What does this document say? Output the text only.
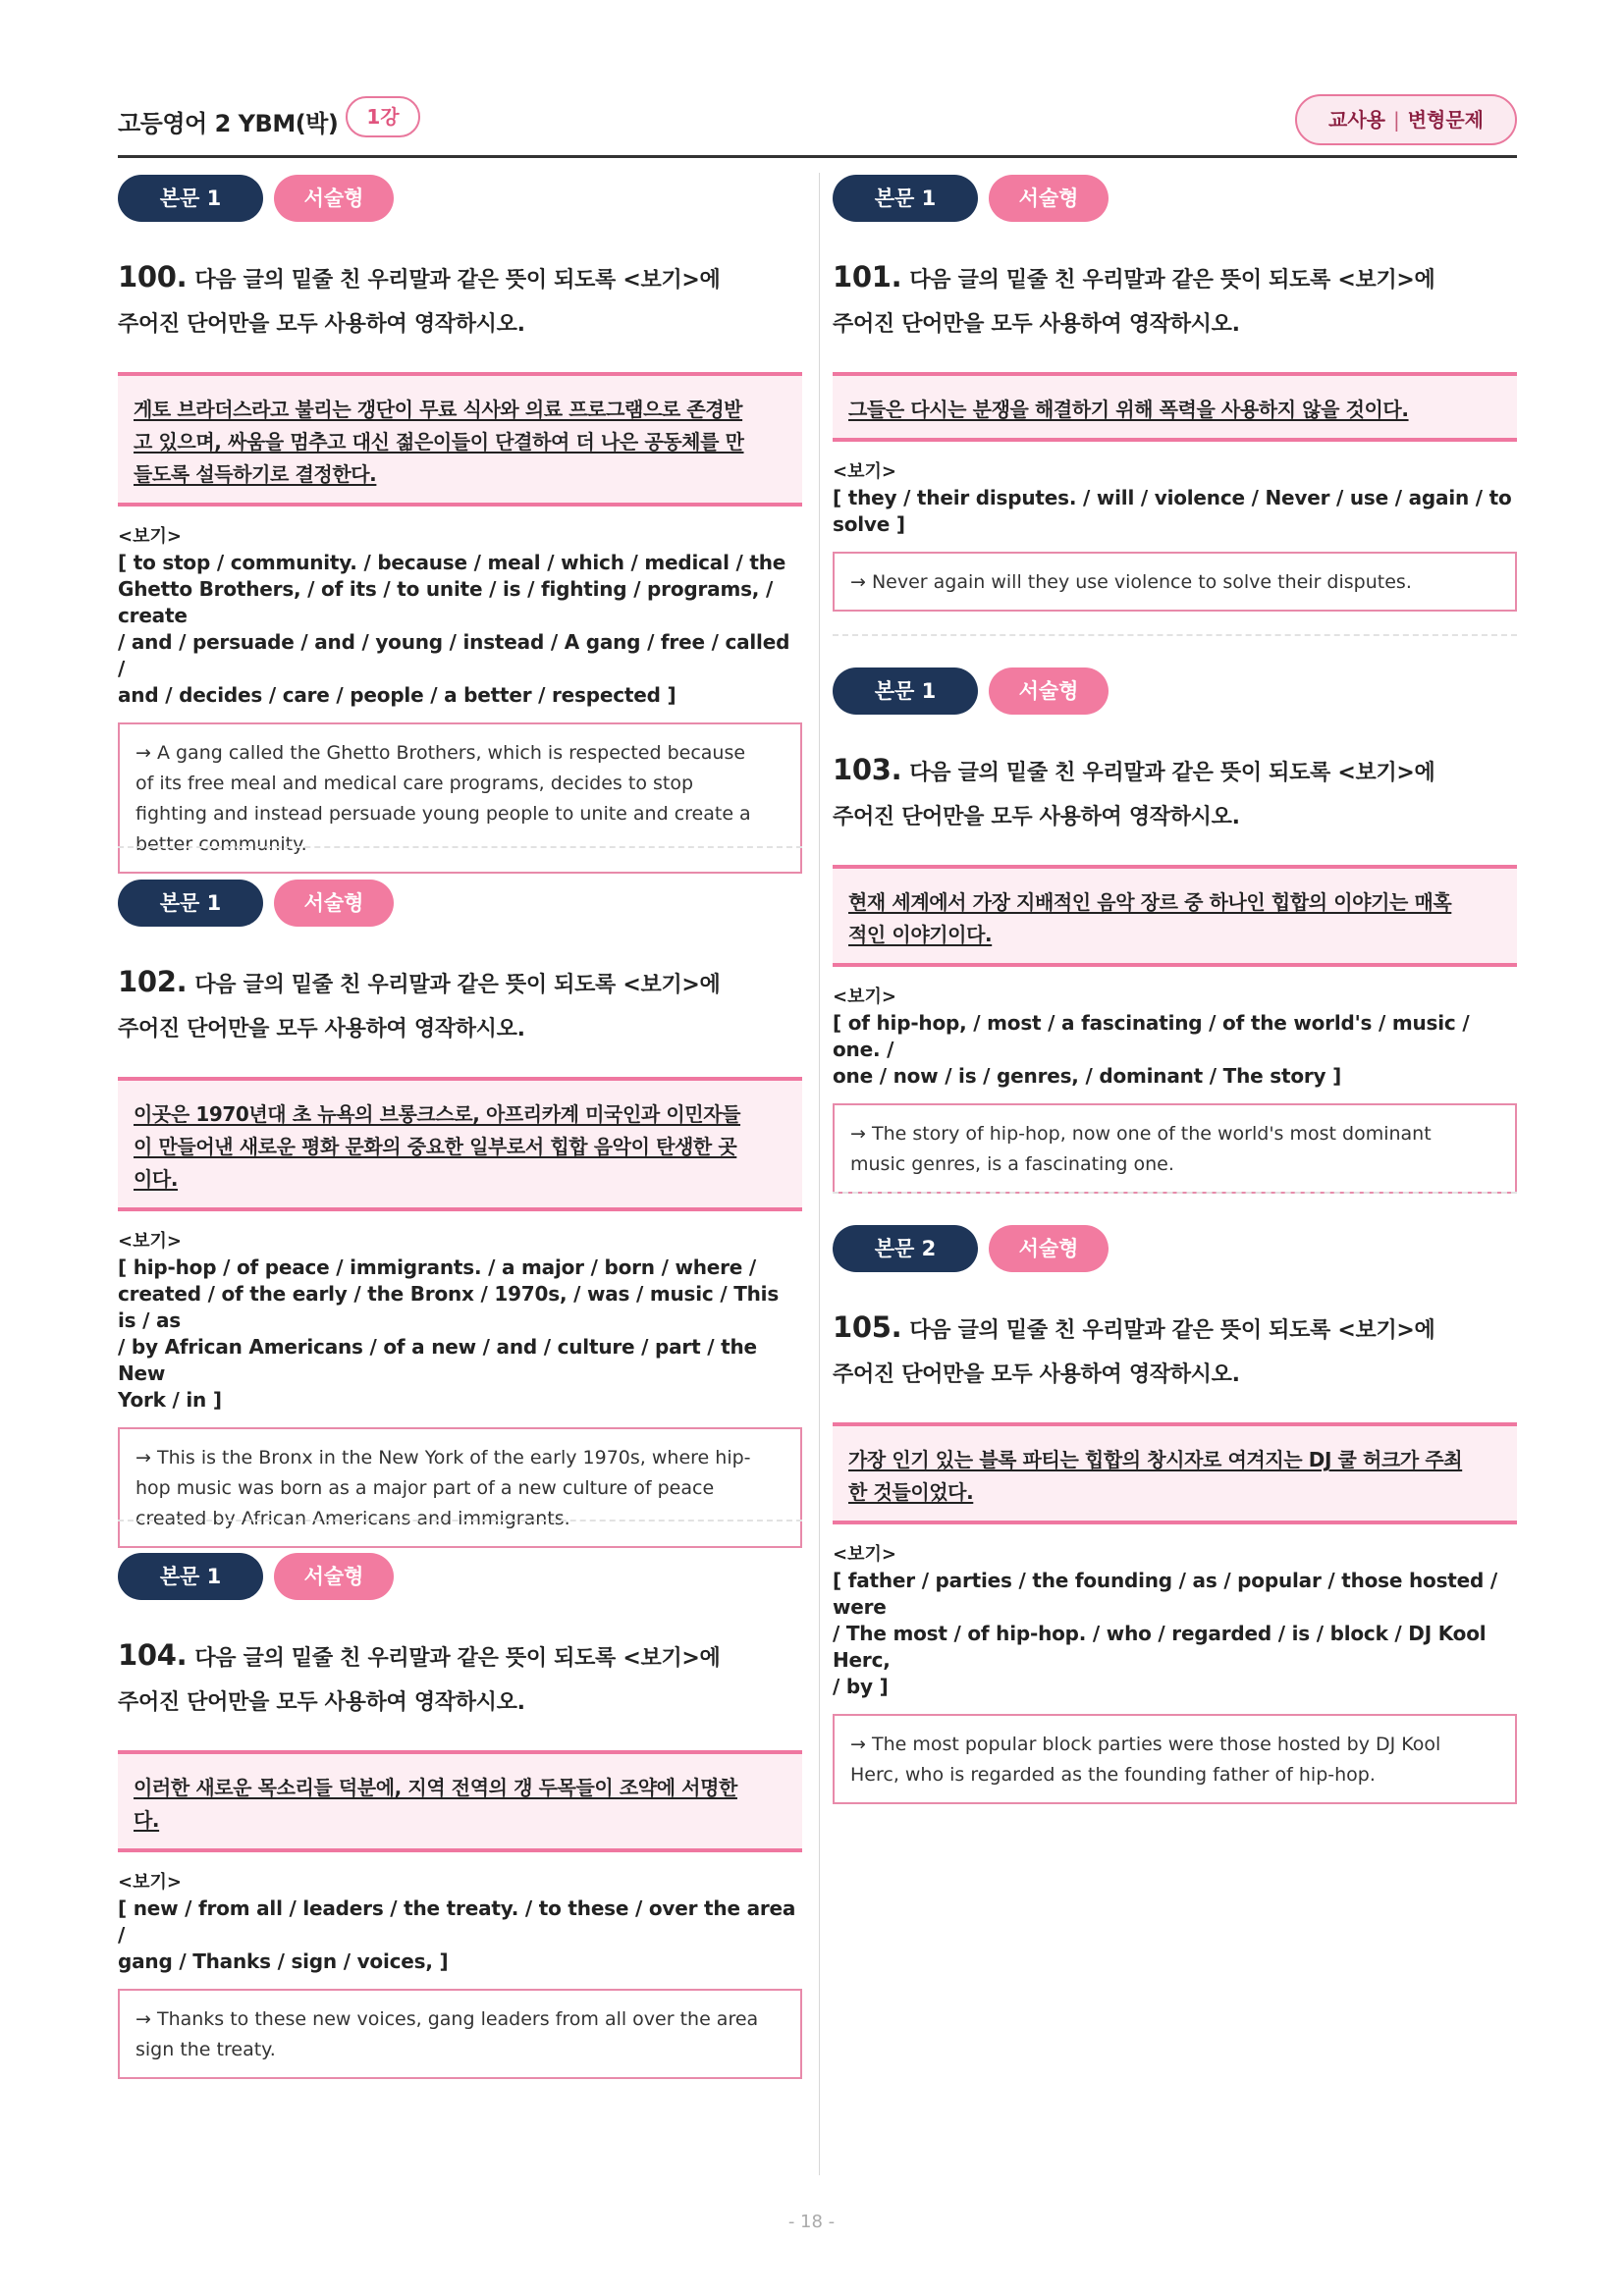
고등영어 2 YBM(박)	1강	교사용 | 변형문제
본문 1	서술형
100. 다음 글의 밑줄 친 우리말과 같은 뜻이 되도록 <보기>에
주어진 단어만을 모두 사용하여 영작하시오.
게토 브라더스라고 불리는 갱단이 무료 식사와 의료 프로그램으로 존경받
고 있으며, 싸움을 멈추고 대신 젊은이들이 단결하여 더 나은 공동체를 만
들도록 설득하기로 결정한다.
<보기>
[ to stop / community. / because / meal / which / medical / the
Ghetto Brothers, / of its / to unite / is / fighting / programs, / create
/ and / persuade / and / young / instead / A gang / free / called /
and / decides / care / people / a better / respected ]
→ A gang called the Ghetto Brothers, which is respected because
of its free meal and medical care programs, decides to stop
fighting and instead persuade young people to unite and create a
better community.
본문 1	서술형
102. 다음 글의 밑줄 친 우리말과 같은 뜻이 되도록 <보기>에
주어진 단어만을 모두 사용하여 영작하시오.
이곳은 1970년대 초 뉴욕의 브롱크스로, 아프리카계 미국인과 이민자들
이 만들어낸 새로운 평화 문화의 중요한 일부로서 힙합 음악이 탄생한 곳
이다.
<보기>
[ hip-hop / of peace / immigrants. / a major / born / where /
created / of the early / the Bronx / 1970s, / was / music / This is / as
/ by African Americans / of a new / and / culture / part / the New
York / in ]
→ This is the Bronx in the New York of the early 1970s, where hip-
hop music was born as a major part of a new culture of peace
created by African Americans and immigrants.
본문 1	서술형
104. 다음 글의 밑줄 친 우리말과 같은 뜻이 되도록 <보기>에
주어진 단어만을 모두 사용하여 영작하시오.
이러한 새로운 목소리들 덕분에, 지역 전역의 갱 두목들이 조약에 서명한
다.
<보기>
[ new / from all / leaders / the treaty. / to these / over the area /
gang / Thanks / sign / voices, ]
→ Thanks to these new voices, gang leaders from all over the area
sign the treaty.
본문 1	서술형
101. 다음 글의 밑줄 친 우리말과 같은 뜻이 되도록 <보기>에
주어진 단어만을 모두 사용하여 영작하시오.
그들은 다시는 분쟁을 해결하기 위해 폭력을 사용하지 않을 것이다.
<보기>
[ they / their disputes. / will / violence / Never / use / again / to
solve ]
→ Never again will they use violence to solve their disputes.
본문 1	서술형
103. 다음 글의 밑줄 친 우리말과 같은 뜻이 되도록 <보기>에
주어진 단어만을 모두 사용하여 영작하시오.
현재 세계에서 가장 지배적인 음악 장르 중 하나인 힙합의 이야기는 매혹
적인 이야기이다.
<보기>
[ of hip-hop, / most / a fascinating / of the world's / music / one. /
one / now / is / genres, / dominant / The story ]
→ The story of hip-hop, now one of the world's most dominant
music genres, is a fascinating one.
본문 2	서술형
105. 다음 글의 밑줄 친 우리말과 같은 뜻이 되도록 <보기>에
주어진 단어만을 모두 사용하여 영작하시오.
가장 인기 있는 블록 파티는 힙합의 창시자로 여겨지는 DJ 쿨 허크가 주최
한 것들이었다.
<보기>
[ father / parties / the founding / as / popular / those hosted / were
/ The most / of hip-hop. / who / regarded / is / block / DJ Kool Herc,
/ by ]
→ The most popular block parties were those hosted by DJ Kool
Herc, who is regarded as the founding father of hip-hop.
- 18 -
